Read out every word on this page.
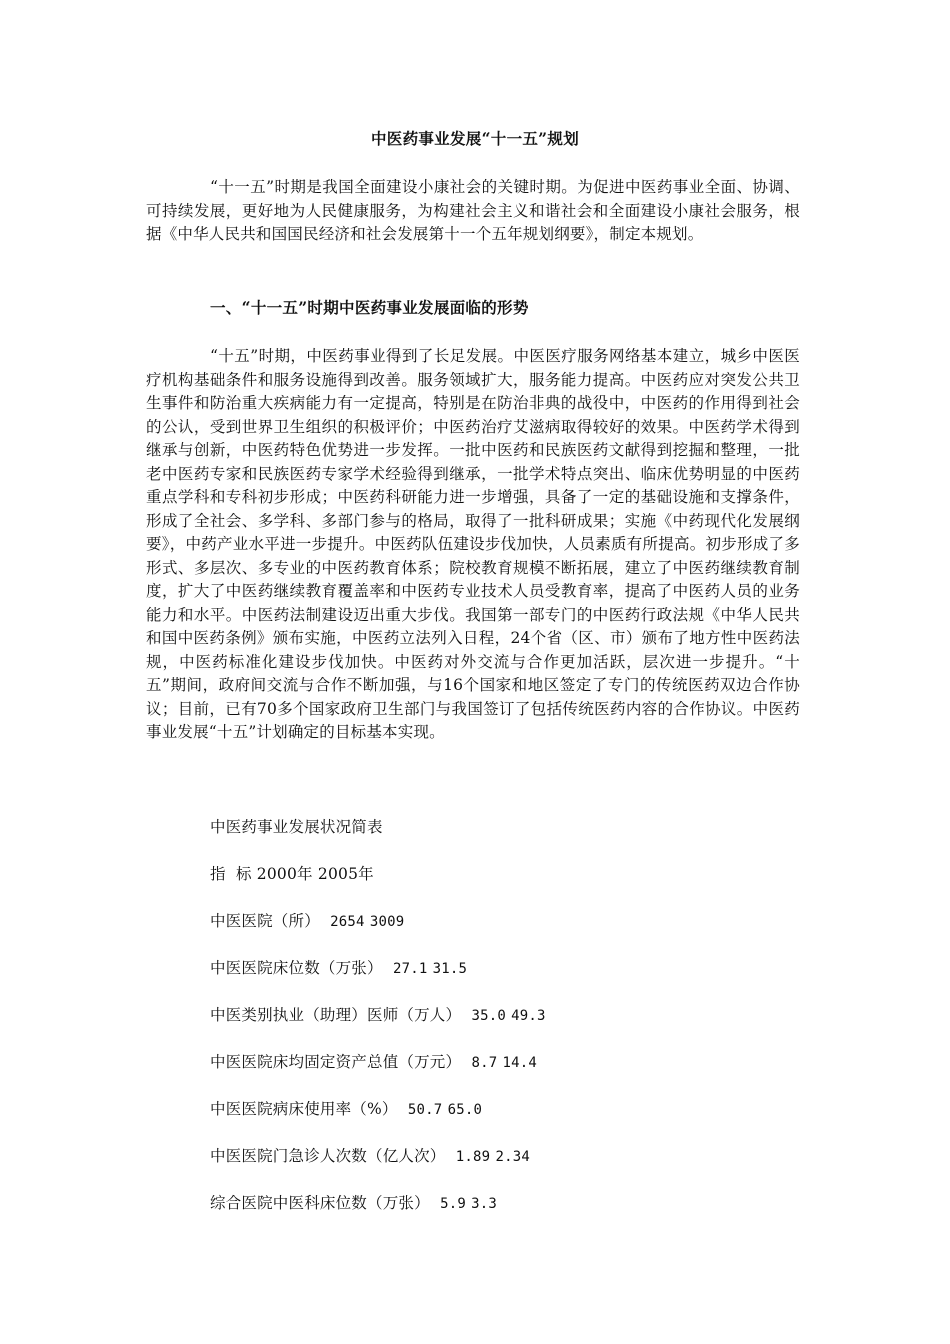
中医药事业发展“十一五”规划
“十一五”时期是我国全面建设小康社会的关键时期。为促进中医药事业全面、协调、可持续发展，更好地为人民健康服务，为构建社会主义和谐社会和全面建设小康社会服务，根据《中华人民共和国国民经济和社会发展第十一个五年规划纲要》，制定本规划。
一、“十一五”时期中医药事业发展面临的形势
“十五”时期，中医药事业得到了长足发展。中医医疗服务网络基本建立，城乡中医医疗机构基础条件和服务设施得到改善。服务领域扩大，服务能力提高。中医药应对突发公共卫生事件和防治重大疾病能力有一定提高，特别是在防治非典的战役中，中医药的作用得到社会的公认，受到世界卫生组织的积极评价；中医药治疗艾滋病取得较好的效果。中医药学术得到继承与创新，中医药特色优势进一步发挥。一批中医药和民族医药文献得到挖掘和整理，一批老中医药专家和民族医药专家学术经验得到继承，一批学术特点突出、临床优势明显的中医药重点学科和专科初步形成；中医药科研能力进一步增强，具备了一定的基础设施和支撑条件，形成了全社会、多学科、多部门参与的格局，取得了一批科研成果；实施《中药现代化发展纲要》，中药产业水平进一步提升。中医药队伍建设步伐加快，人员素质有所提高。初步形成了多形式、多层次、多专业的中医药教育体系；院校教育规模不断拓展，建立了中医药继续教育制度，扩大了中医药继续教育覆盖率和中医药专业技术人员受教育率，提高了中医药人员的业务能力和水平。中医药法制建设迈出重大步伐。我国第一部专门的中医药行政法规《中华人民共和国中医药条例》颁布实施，中医药立法列入日程，24个省（区、市）颁布了地方性中医药法规，中医药标准化建设步伐加快。中医药对外交流与合作更加活跃，层次进一步提升。“十五”期间，政府间交流与合作不断加强，与16个国家和地区签定了专门的传统医药双边合作协议；目前，已有70多个国家政府卫生部门与我国签订了包括传统医药内容的合作协议。中医药事业发展“十五”计划确定的目标基本实现。
中医药事业发展状况简表
指  标 2000年 2005年
中医医院（所） 2654 3009
中医医院床位数（万张） 27.1 31.5
中医类别执业（助理）医师（万人） 35.0 49.3
中医医院床均固定资产总值（万元） 8.7 14.4
中医医院病床使用率（%） 50.7 65.0
中医医院门急诊人次数（亿人次） 1.89 2.34
综合医院中医科床位数（万张） 5.9 3.3
